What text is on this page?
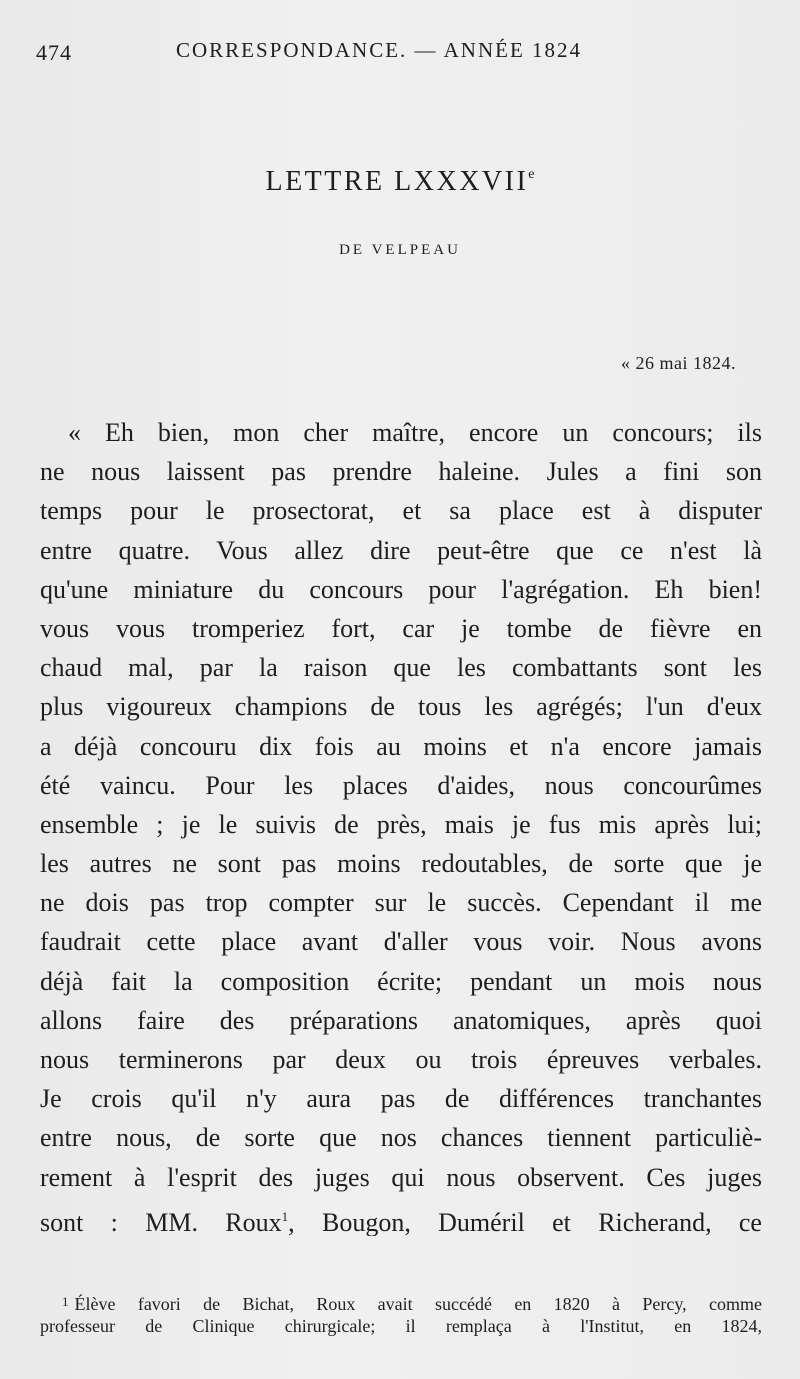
474	CORRESPONDANCE. — ANNÉE 1824
LETTRE LXXXVIIe
DE VELPEAU
« 26 mai 1824.
« Eh bien, mon cher maître, encore un concours; ils
ne nous laissent pas prendre haleine. Jules a fini son
temps pour le prosectorat, et sa place est à disputer
entre quatre. Vous allez dire peut-être que ce n'est là
qu'une miniature du concours pour l'agrégation. Eh bien!
vous vous tromperiez fort, car je tombe de fièvre en
chaud mal, par la raison que les combattants sont les
plus vigoureux champions de tous les agrégés; l'un d'eux
a déjà concouru dix fois au moins et n'a encore jamais
été vaincu. Pour les places d'aides, nous concourûmes
ensemble ; je le suivis de près, mais je fus mis après lui;
les autres ne sont pas moins redoutables, de sorte que je
ne dois pas trop compter sur le succès. Cependant il me
faudrait cette place avant d'aller vous voir. Nous avons
déjà fait la composition écrite; pendant un mois nous
allons faire des préparations anatomiques, après quoi
nous terminerons par deux ou trois épreuves verbales.
Je crois qu'il n'y aura pas de différences tranchantes
entre nous, de sorte que nos chances tiennent particuliè-
rement à l'esprit des juges qui nous observent. Ces juges
sont : MM. Roux$^1$, Bougon, Duméril et Richerand, ce
$^1$ Élève favori de Bichat, Roux avait succédé en 1820 à Percy, comme
professeur de Clinique chirurgicale; il remplaça à l'Institut, en 1824,
